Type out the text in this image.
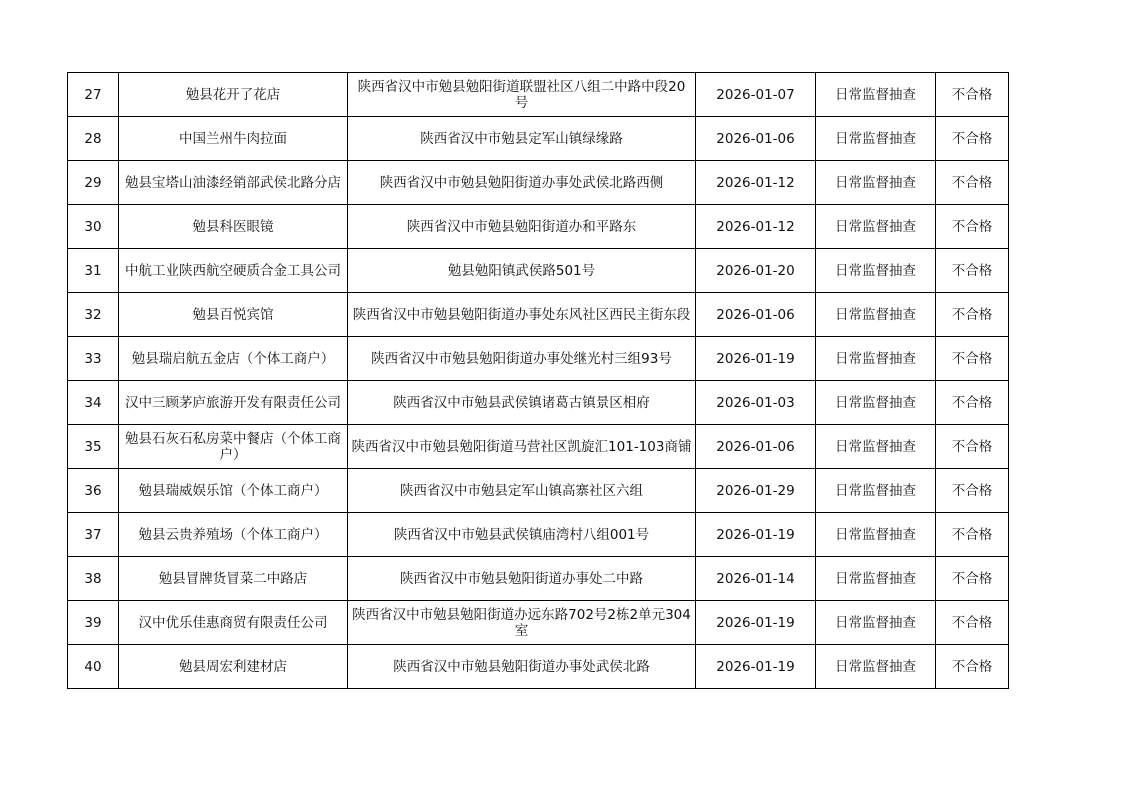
27	勉县花开了花店	陕西省汉中市勉县勉阳街道联盟社区八组二中路中段20号	2026-01-07	日常监督抽查	不合格
28	中国兰州牛肉拉面	陕西省汉中市勉县定军山镇绿缘路	2026-01-06	日常监督抽查	不合格
29	勉县宝塔山油漆经销部武侯北路分店	陕西省汉中市勉县勉阳街道办事处武侯北路西侧	2026-01-12	日常监督抽查	不合格
30	勉县科医眼镜	陕西省汉中市勉县勉阳街道办和平路东	2026-01-12	日常监督抽查	不合格
31	中航工业陕西航空硬质合金工具公司	勉县勉阳镇武侯路501号	2026-01-20	日常监督抽查	不合格
32	勉县百悦宾馆	陕西省汉中市勉县勉阳街道办事处东风社区西民主街东段	2026-01-06	日常监督抽查	不合格
33	勉县瑞启航五金店（个体工商户）	陕西省汉中市勉县勉阳街道办事处继光村三组93号	2026-01-19	日常监督抽查	不合格
34	汉中三顾茅庐旅游开发有限责任公司	陕西省汉中市勉县武侯镇诸葛古镇景区相府	2026-01-03	日常监督抽查	不合格
35	勉县石灰石私房菜中餐店（个体工商户）	陕西省汉中市勉县勉阳街道马营社区凯旋汇101-103商铺	2026-01-06	日常监督抽查	不合格
36	勉县瑞威娱乐馆（个体工商户）	陕西省汉中市勉县定军山镇高寨社区六组	2026-01-29	日常监督抽查	不合格
37	勉县云贵养殖场（个体工商户）	陕西省汉中市勉县武侯镇庙湾村八组001号	2026-01-19	日常监督抽查	不合格
38	勉县冒牌货冒菜二中路店	陕西省汉中市勉县勉阳街道办事处二中路	2026-01-14	日常监督抽查	不合格
39	汉中优乐佳惠商贸有限责任公司	陕西省汉中市勉县勉阳街道办远东路702号2栋2单元304室	2026-01-19	日常监督抽查	不合格
40	勉县周宏利建材店	陕西省汉中市勉县勉阳街道办事处武侯北路	2026-01-19	日常监督抽查	不合格
